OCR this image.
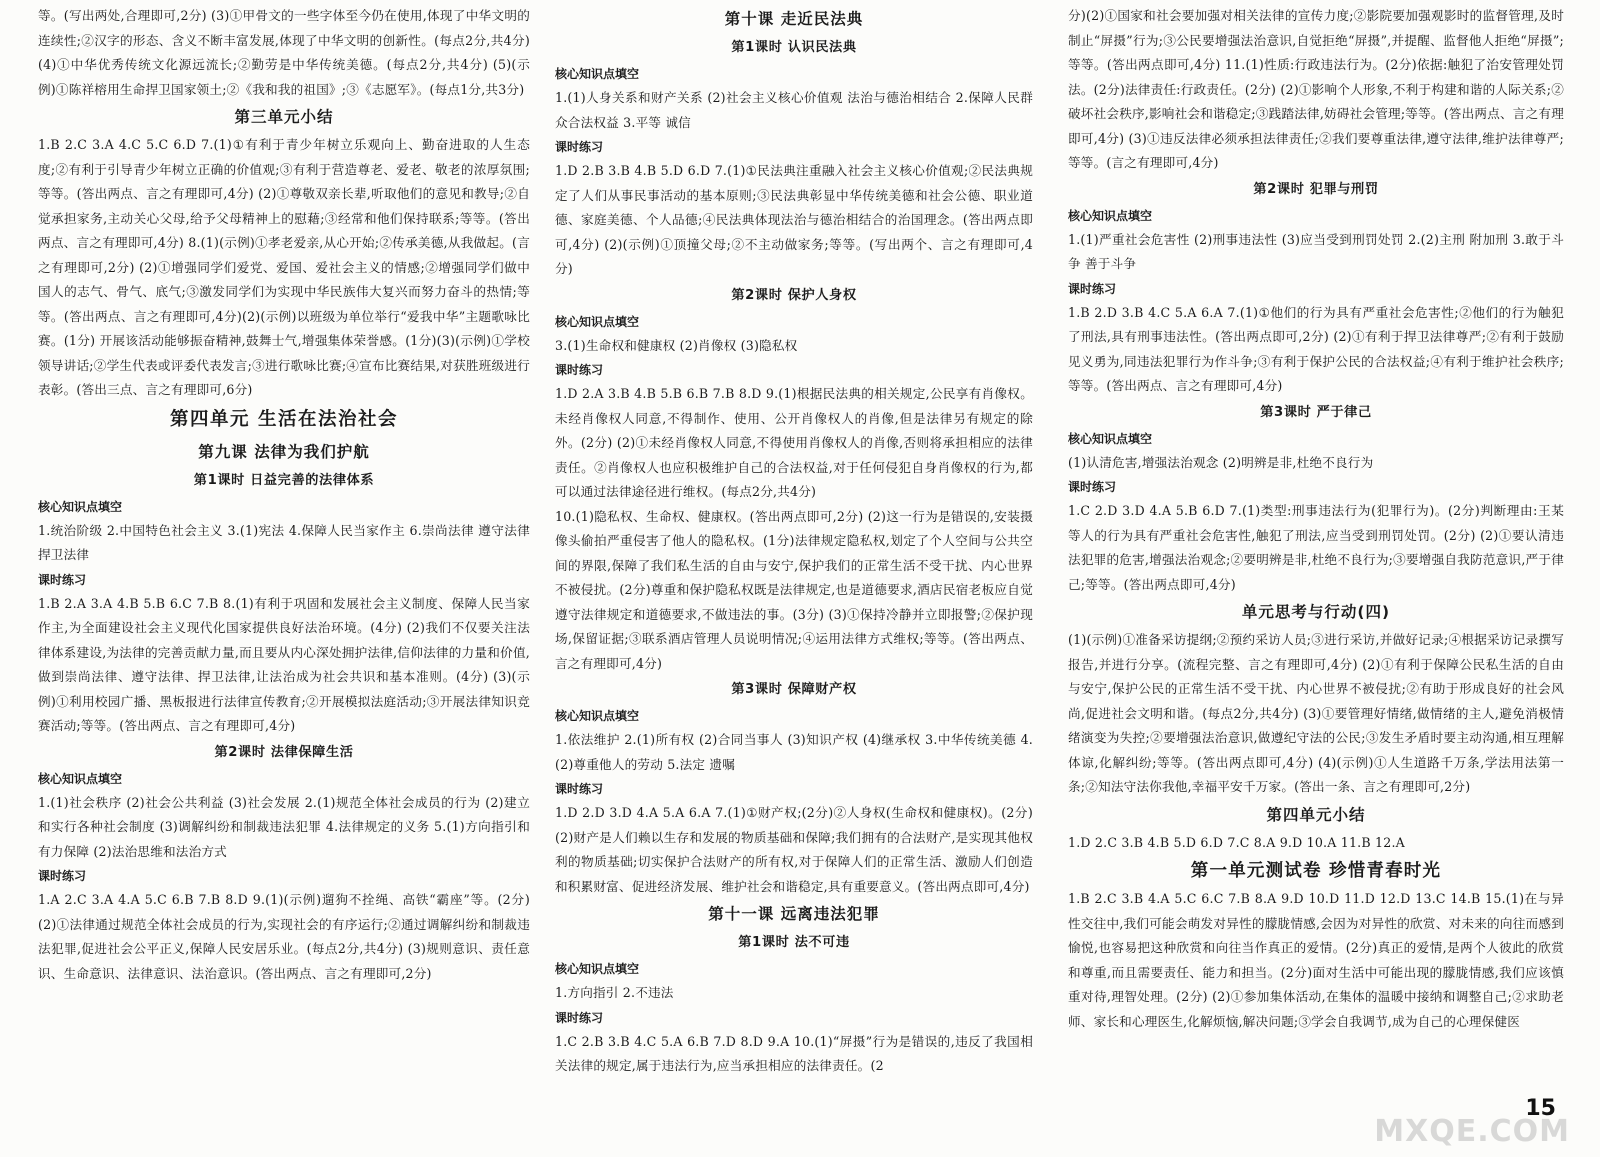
等。(写出两处,合理即可,2分) (3)①甲骨文的一些字体至今仍在使用,体现了中华文明的连续性;②汉字的形态、含义不断丰富发展,体现了中华文明的创新性。(每点2分,共4分) (4)①中华优秀传统文化源远流长;②勤劳是中华传统美德。(每点2分,共4分) (5)(示例)①陈祥榕用生命捍卫国家领土;②《我和我的祖国》;③《志愿军》。(每点1分,共3分)
第三单元小结
1.B 2.C 3.A 4.C 5.C 6.D 7.(1)①有利于青少年树立乐观向上、勤奋进取的人生态度;②有利于引导青少年树立正确的价值观;③有利于营造尊老、爱老、敬老的浓厚氛围;等等。(答出两点、言之有理即可,4分) (2)①尊敬双亲长辈,听取他们的意见和教导;②自觉承担家务,主动关心父母,给予父母精神上的慰藉;③经常和他们保持联系;等等。(答出两点、言之有理即可,4分) 8.(1)(示例)①孝老爱亲,从心开始;②传承美德,从我做起。(言之有理即可,2分) (2)①增强同学们爱党、爱国、爱社会主义的情感;②增强同学们做中国人的志气、骨气、底气;③激发同学们为实现中华民族伟大复兴而努力奋斗的热情;等等。(答出两点、言之有理即可,4分)(2)(示例)以班级为单位举行“爱我中华”主题歌咏比赛。(1分) 开展该活动能够振奋精神,鼓舞士气,增强集体荣誉感。(1分)(3)(示例)①学校领导讲话;②学生代表或评委代表发言;③进行歌咏比赛;④宣布比赛结果,对获胜班级进行表彰。(答出三点、言之有理即可,6分)
第四单元 生活在法治社会
第九课 法律为我们护航
第1课时 日益完善的法律体系
核心知识点填空
1.统治阶级 2.中国特色社会主义 3.(1)宪法 4.保障人民当家作主 6.崇尚法律 遵守法律 捍卫法律
课时练习
1.B 2.A 3.A 4.B 5.B 6.C 7.B 8.(1)有利于巩固和发展社会主义制度、保障人民当家作主,为全面建设社会主义现代化国家提供良好法治环境。(4分) (2)我们不仅要关注法律体系建设,为法律的完善贡献力量,而且要从内心深处拥护法律,信仰法律的力量和价值,做到崇尚法律、遵守法律、捍卫法律,让法治成为社会共识和基本准则。(4分) (3)(示例)①利用校园广播、黑板报进行法律宣传教育;②开展模拟法庭活动;③开展法律知识竞赛活动;等等。(答出两点、言之有理即可,4分)
第2课时 法律保障生活
核心知识点填空
1.(1)社会秩序 (2)社会公共利益 (3)社会发展 2.(1)规范全体社会成员的行为 (2)建立和实行各种社会制度 (3)调解纠纷和制裁违法犯罪 4.法律规定的义务 5.(1)方向指引和有力保障 (2)法治思维和法治方式
课时练习
1.A 2.C 3.A 4.A 5.C 6.B 7.B 8.D 9.(1)(示例)遛狗不拴绳、高铁“霸座”等。(2分) (2)①法律通过规范全体社会成员的行为,实现社会的有序运行;②通过调解纠纷和制裁违法犯罪,促进社会公平正义,保障人民安居乐业。(每点2分,共4分) (3)规则意识、责任意识、生命意识、法律意识、法治意识。(答出两点、言之有理即可,2分)
第十课 走近民法典
第1课时 认识民法典
核心知识点填空
1.(1)人身关系和财产关系 (2)社会主义核心价值观 法治与德治相结合 2.保障人民群众合法权益 3.平等 诚信
课时练习
1.D 2.B 3.B 4.B 5.D 6.D 7.(1)①民法典注重融入社会主义核心价值观;②民法典规定了人们从事民事活动的基本原则;③民法典彰显中华传统美德和社会公德、职业道德、家庭美德、个人品德;④民法典体现法治与德治相结合的治国理念。(答出两点即可,4分) (2)(示例)①顶撞父母;②不主动做家务;等等。(写出两个、言之有理即可,4分)
第2课时 保护人身权
核心知识点填空
3.(1)生命权和健康权 (2)肖像权 (3)隐私权
课时练习
1.D 2.A 3.B 4.B 5.B 6.B 7.B 8.D 9.(1)根据民法典的相关规定,公民享有肖像权。未经肖像权人同意,不得制作、使用、公开肖像权人的肖像,但是法律另有规定的除外。(2分) (2)①未经肖像权人同意,不得使用肖像权人的肖像,否则将承担相应的法律责任。②肖像权人也应积极维护自己的合法权益,对于任何侵犯自身肖像权的行为,都可以通过法律途径进行维权。(每点2分,共4分)
10.(1)隐私权、生命权、健康权。(答出两点即可,2分) (2)这一行为是错误的,安装摄像头偷拍严重侵害了他人的隐私权。(1分)法律规定隐私权,划定了个人空间与公共空间的界限,保障了我们私生活的自由与安宁,保护我们的正常生活不受干扰、内心世界不被侵扰。(2分)尊重和保护隐私权既是法律规定,也是道德要求,酒店民宿老板应自觉遵守法律规定和道德要求,不做违法的事。(3分) (3)①保持冷静并立即报警;②保护现场,保留证据;③联系酒店管理人员说明情况;④运用法律方式维权;等等。(答出两点、言之有理即可,4分)
第3课时 保障财产权
核心知识点填空
1.依法维护 2.(1)所有权 (2)合同当事人 (3)知识产权 (4)继承权 3.中华传统美德 4.(2)尊重他人的劳动 5.法定 遗嘱
课时练习
1.D 2.D 3.D 4.A 5.A 6.A 7.(1)①财产权;(2分)②人身权(生命权和健康权)。(2分) (2)财产是人们赖以生存和发展的物质基础和保障;我们拥有的合法财产,是实现其他权利的物质基础;切实保护合法财产的所有权,对于保障人们的正常生活、激励人们创造和积累财富、促进经济发展、维护社会和谐稳定,具有重要意义。(答出两点即可,4分)
第十一课 远离违法犯罪
第1课时 法不可违
核心知识点填空
1.方向指引 2.不违法
课时练习
1.C 2.B 3.B 4.C 5.A 6.B 7.D 8.D 9.A 10.(1)“屏摄”行为是错误的,违反了我国相关法律的规定,属于违法行为,应当承担相应的法律责任。(2
分)(2)①国家和社会要加强对相关法律的宣传力度;②影院要加强观影时的监督管理,及时制止“屏摄”行为;③公民要增强法治意识,自觉拒绝“屏摄”,并提醒、监督他人拒绝“屏摄”;等等。(答出两点即可,4分) 11.(1)性质:行政违法行为。(2分)依据:触犯了治安管理处罚法。(2分)法律责任:行政责任。(2分) (2)①影响个人形象,不利于构建和谐的人际关系;②破坏社会秩序,影响社会和谐稳定;③践踏法律,妨碍社会管理;等等。(答出两点、言之有理即可,4分) (3)①违反法律必须承担法律责任;②我们要尊重法律,遵守法律,维护法律尊严;等等。(言之有理即可,4分)
第2课时 犯罪与刑罚
核心知识点填空
1.(1)严重社会危害性 (2)刑事违法性 (3)应当受到刑罚处罚 2.(2)主刑 附加刑 3.敢于斗争 善于斗争
课时练习
1.B 2.D 3.B 4.C 5.A 6.A 7.(1)①他们的行为具有严重社会危害性;②他们的行为触犯了刑法,具有刑事违法性。(答出两点即可,2分) (2)①有利于捍卫法律尊严;②有利于鼓励见义勇为,同违法犯罪行为作斗争;③有利于保护公民的合法权益;④有利于维护社会秩序;等等。(答出两点、言之有理即可,4分)
第3课时 严于律己
核心知识点填空
(1)认清危害,增强法治观念 (2)明辨是非,杜绝不良行为
课时练习
1.C 2.D 3.D 4.A 5.B 6.D 7.(1)类型:刑事违法行为(犯罪行为)。(2分)判断理由:王某等人的行为具有严重社会危害性,触犯了刑法,应当受到刑罚处罚。(2分) (2)①要认清违法犯罪的危害,增强法治观念;②要明辨是非,杜绝不良行为;③要增强自我防范意识,严于律己;等等。(答出两点即可,4分)
单元思考与行动(四)
(1)(示例)①准备采访提纲;②预约采访人员;③进行采访,并做好记录;④根据采访记录撰写报告,并进行分享。(流程完整、言之有理即可,4分) (2)①有利于保障公民私生活的自由与安宁,保护公民的正常生活不受干扰、内心世界不被侵扰;②有助于形成良好的社会风尚,促进社会文明和谐。(每点2分,共4分) (3)①要管理好情绪,做情绪的主人,避免消极情绪演变为失控;②要增强法治意识,做遵纪守法的公民;③发生矛盾时要主动沟通,相互理解体谅,化解纠纷;等等。(答出两点即可,4分) (4)(示例)①人生道路千万条,学法用法第一条;②知法守法你我他,幸福平安千万家。(答出一条、言之有理即可,2分)
第四单元小结
1.D 2.C 3.B 4.B 5.D 6.D 7.C 8.A 9.D 10.A 11.B 12.A
第一单元测试卷 珍惜青春时光
1.B 2.C 3.B 4.A 5.C 6.C 7.B 8.A 9.D 10.D 11.D 12.D 13.C 14.B 15.(1)在与异性交往中,我们可能会萌发对异性的朦胧情感,会因为对异性的欣赏、对未来的向往而感到愉悦,也容易把这种欣赏和向往当作真正的爱情。(2分)真正的爱情,是两个人彼此的欣赏和尊重,而且需要责任、能力和担当。(2分)面对生活中可能出现的朦胧情感,我们应该慎重对待,理智处理。(2分) (2)①参加集体活动,在集体的温暖中接纳和调整自己;②求助老师、家长和心理医生,化解烦恼,解决问题;③学会自我调节,成为自己的心理保健医
MXQE.COM
15
